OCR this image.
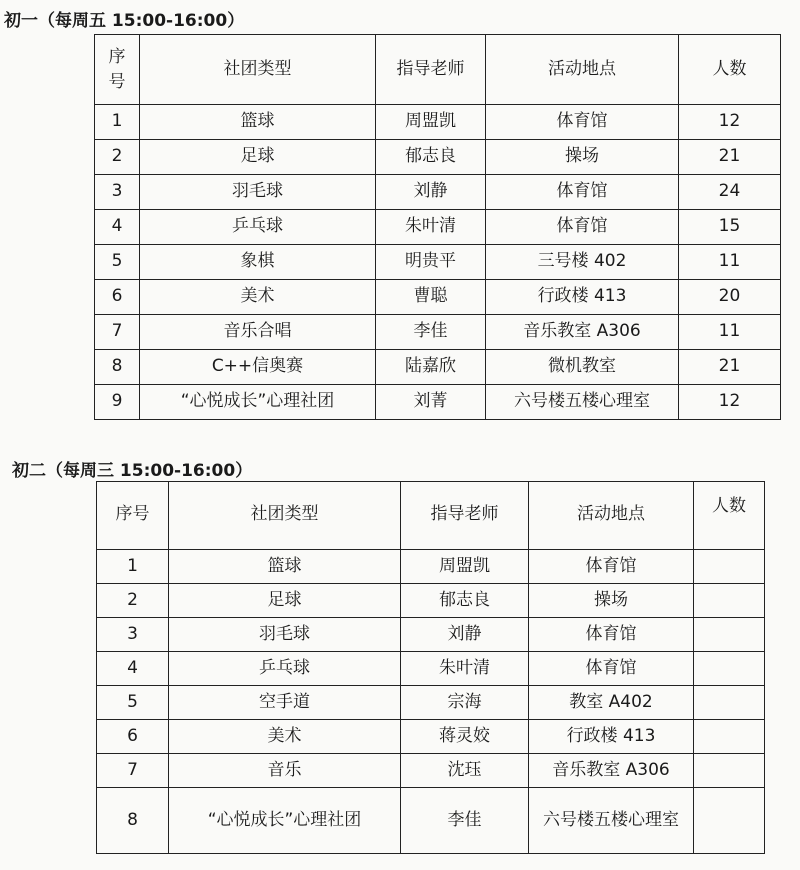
初一（每周五 15:00-16:00）
序号	社团类型	指导老师	活动地点	人数
1	篮球	周盟凯	体育馆	12
2	足球	郁志良	操场	21
3	羽毛球	刘静	体育馆	24
4	乒乓球	朱叶清	体育馆	15
5	象棋	明贵平	三号楼 402	11
6	美术	曹聪	行政楼 413	20
7	音乐合唱	李佳	音乐教室 A306	11
8	C++信奥赛	陆嘉欣	微机教室	21
9	“心悦成长”心理社团	刘菁	六号楼五楼心理室	12
初二（每周三 15:00-16:00）
序号	社团类型	指导老师	活动地点	人数
1	篮球	周盟凯	体育馆	
2	足球	郁志良	操场	
3	羽毛球	刘静	体育馆	
4	乒乓球	朱叶清	体育馆	
5	空手道	宗海	教室 A402	
6	美术	蒋灵姣	行政楼 413	
7	音乐	沈珏	音乐教室 A306	
8	“心悦成长”心理社团	李佳	六号楼五楼心理室	
